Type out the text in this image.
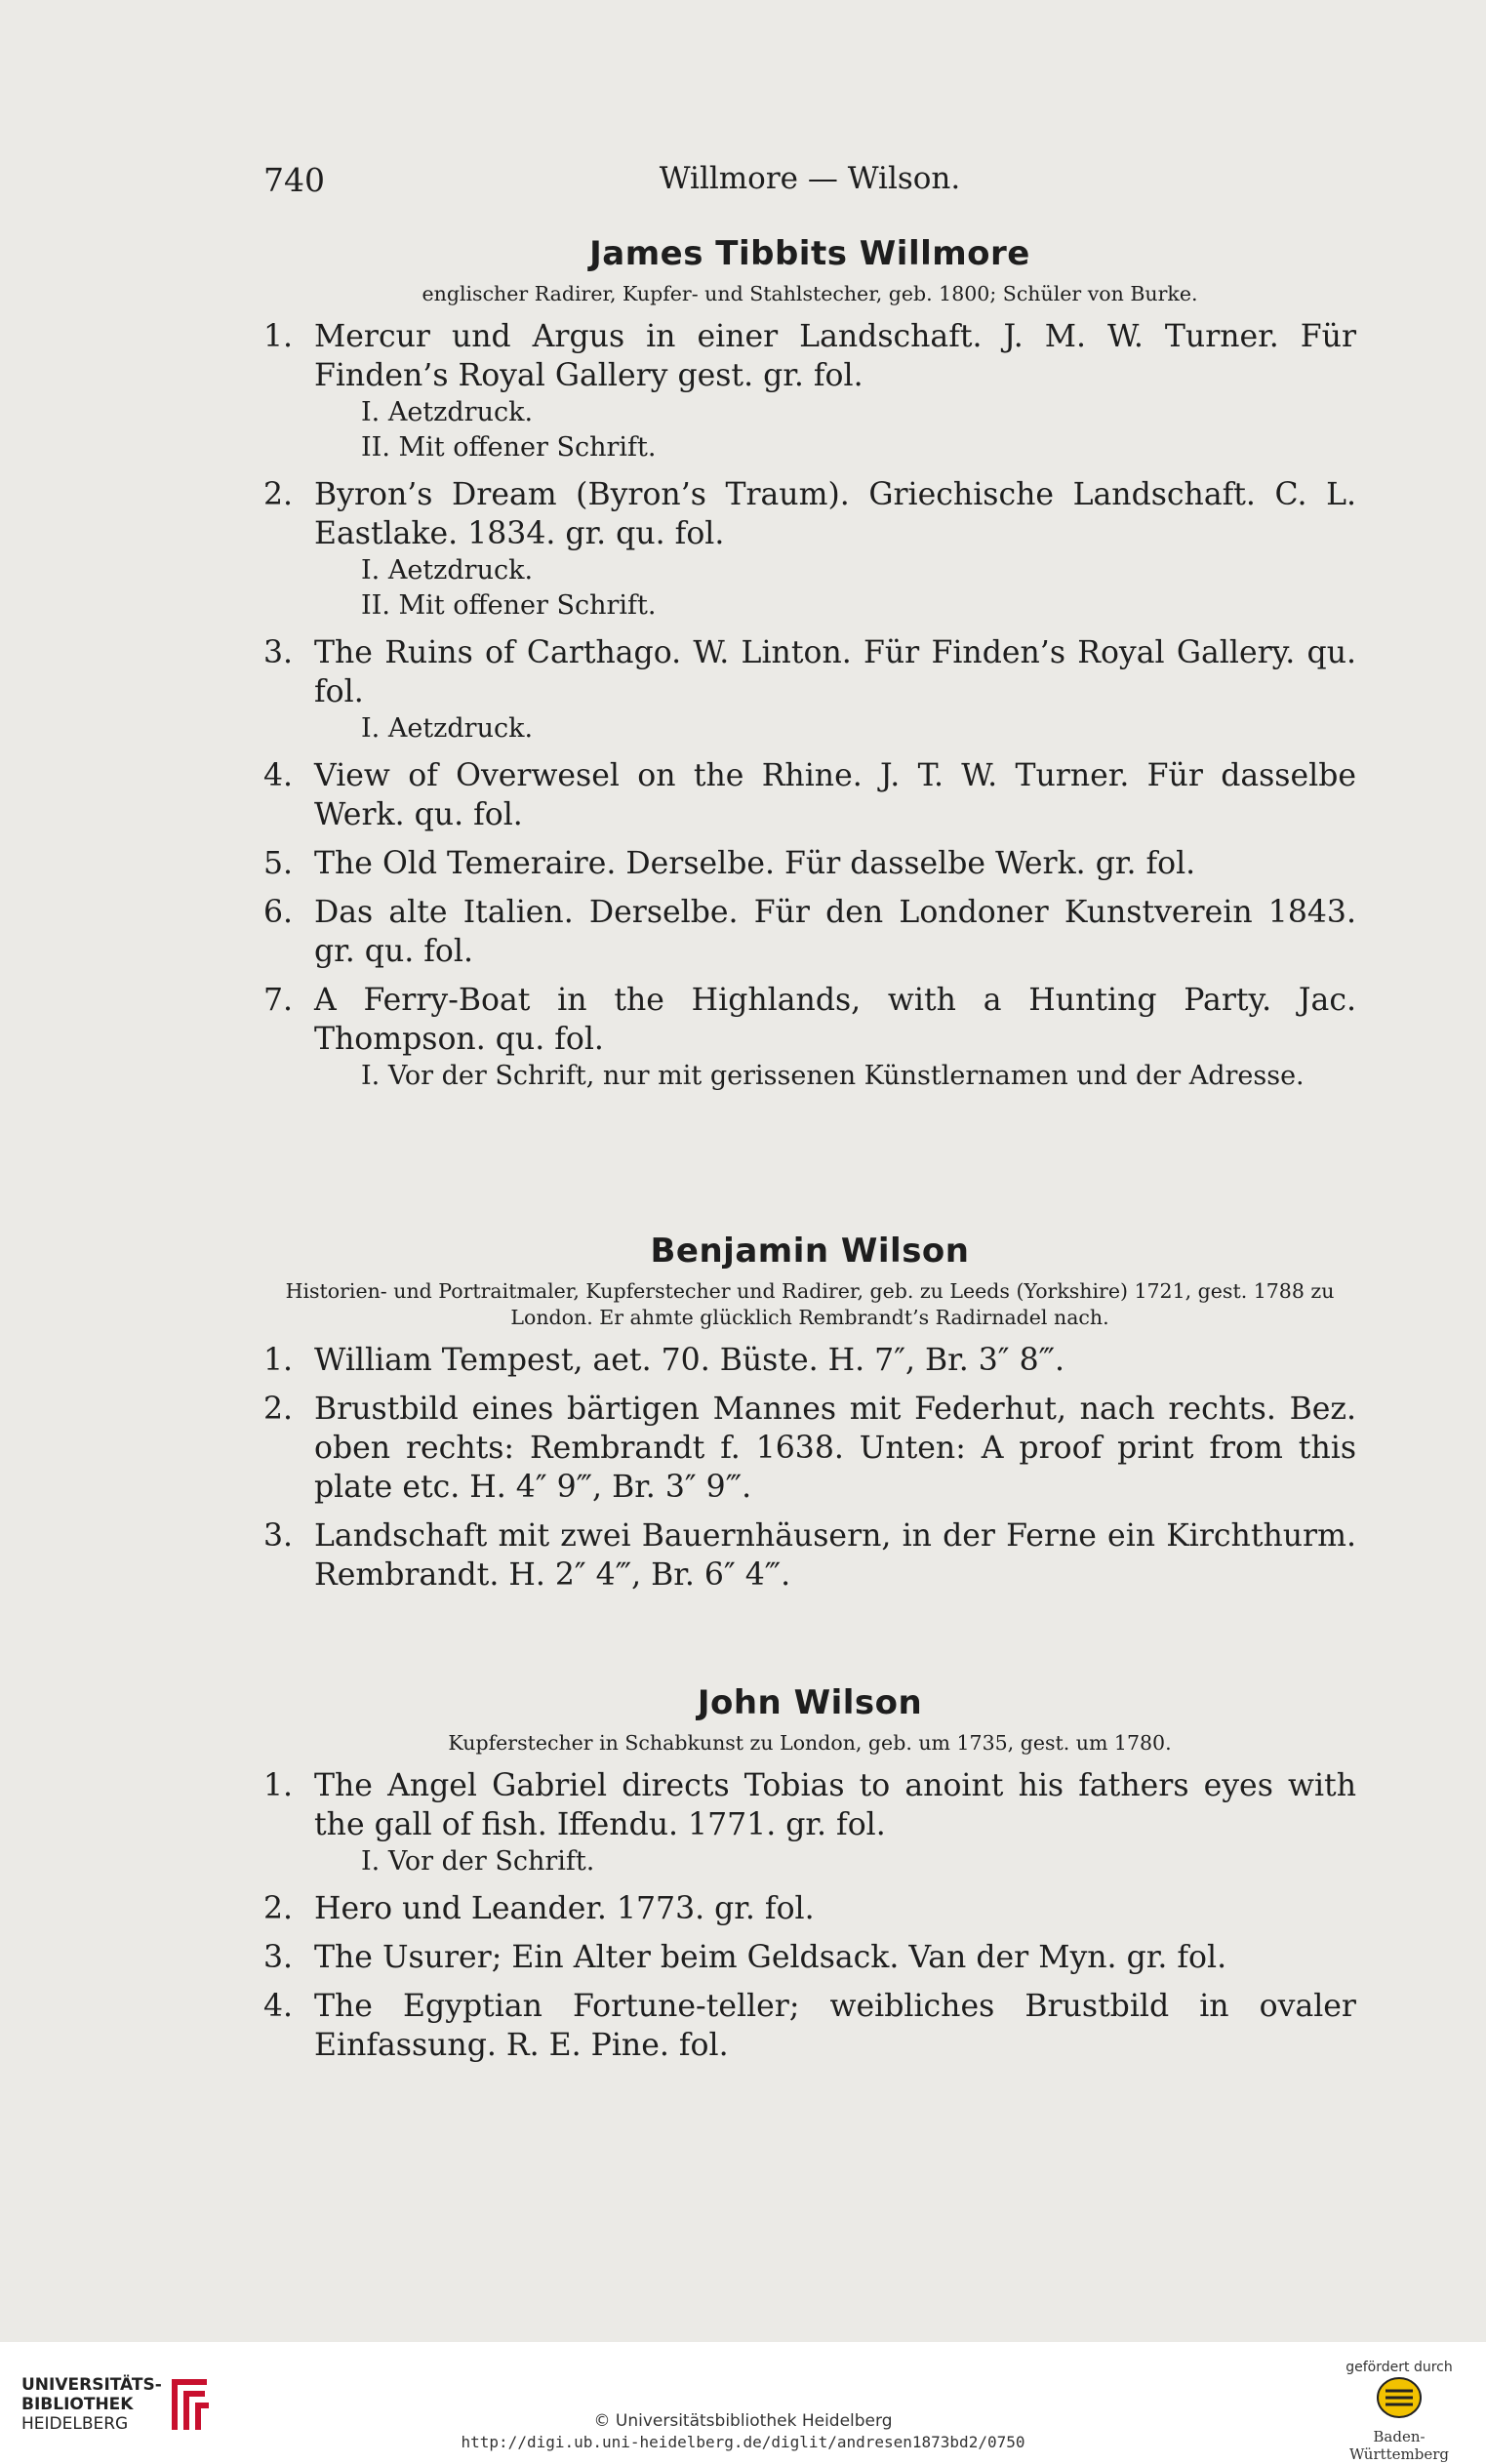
740	Willmore — Wilson.
James Tibbits Willmore
englischer Radirer, Kupfer- und Stahlstecher, geb. 1800; Schüler von Burke.
1. Mercur und Argus in einer Landschaft. J. M. W. Turner. Für Finden’s Royal Gallery gest. gr. fol.
I. Aetzdruck.
II. Mit offener Schrift.
2. Byron’s Dream (Byron’s Traum). Griechische Landschaft. C. L. Eastlake. 1834. gr. qu. fol.
I. Aetzdruck.
II. Mit offener Schrift.
3. The Ruins of Carthago. W. Linton. Für Finden’s Royal Gallery. qu. fol.
I. Aetzdruck.
4. View of Overwesel on the Rhine. J. T. W. Turner. Für dasselbe Werk. qu. fol.
5. The Old Temeraire. Derselbe. Für dasselbe Werk. gr. fol.
6. Das alte Italien. Derselbe. Für den Londoner Kunstverein 1843. gr. qu. fol.
7. A Ferry-Boat in the Highlands, with a Hunting Party. Jac. Thompson. qu. fol.
I. Vor der Schrift, nur mit gerissenen Künstlernamen und der Adresse.
Benjamin Wilson
Historien- und Portraitmaler, Kupferstecher und Radirer, geb. zu Leeds (Yorkshire) 1721, gest. 1788 zu London. Er ahmte glücklich Rembrandt’s Radirnadel nach.
1. William Tempest, aet. 70. Büste. H. 7″, Br. 3″ 8‴.
2. Brustbild eines bärtigen Mannes mit Federhut, nach rechts. Bez. oben rechts: Rembrandt f. 1638. Unten: A proof print from this plate etc. H. 4″ 9‴, Br. 3″ 9‴.
3. Landschaft mit zwei Bauernhäusern, in der Ferne ein Kirchthurm. Rembrandt. H. 2″ 4‴, Br. 6″ 4‴.
John Wilson
Kupferstecher in Schabkunst zu London, geb. um 1735, gest. um 1780.
1. The Angel Gabriel directs Tobias to anoint his fathers eyes with the gall of fish. Iffendu. 1771. gr. fol.
I. Vor der Schrift.
2. Hero und Leander. 1773. gr. fol.
3. The Usurer; Ein Alter beim Geldsack. Van der Myn. gr. fol.
4. The Egyptian Fortune-teller; weibliches Brustbild in ovaler Einfassung. R. E. Pine. fol.
UNIVERSITÄTS-
BIBLIOTHEK
HEIDELBERG	© Universitätsbibliothek Heidelberg
http://digi.ub.uni-heidelberg.de/diglit/andresen1873bd2/0750
gefördert durch
Baden-Württemberg
